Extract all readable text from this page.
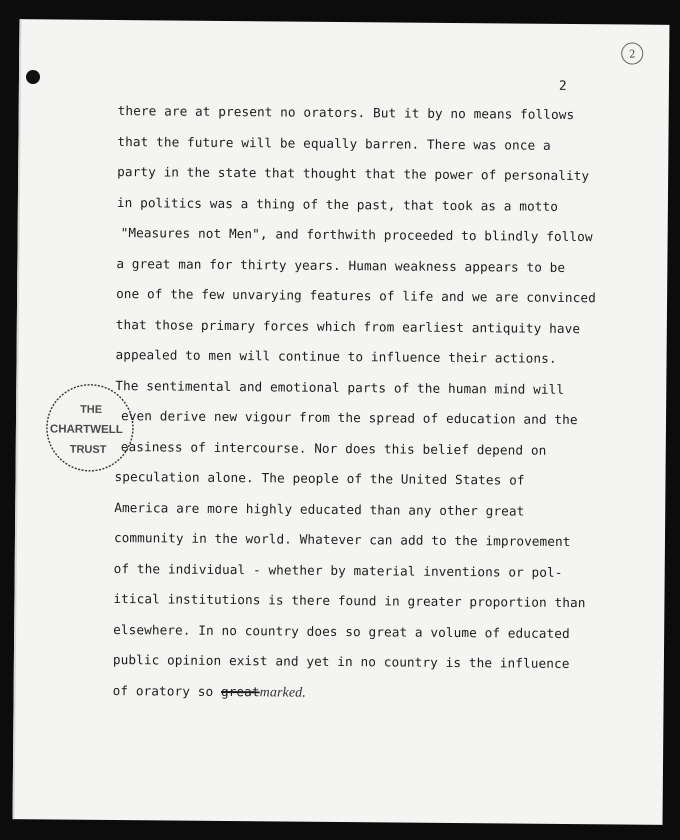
2
2
THE
CHARTWELL
TRUST
there are at present no orators. But it by no means follows
that the future will be equally barren. There was once a
party in the state that thought that the power of personality
in politics was a thing of the past, that took as a motto
"Measures not Men", and forthwith proceeded to blindly follow
a great man for thirty years. Human weakness appears to be
one of the few unvarying features of life and we are convinced
that those primary forces which from earliest antiquity have
appealed to men will continue to influence their actions.
The sentimental and emotional parts of the human mind will
even derive new vigour from the spread of education and the
easiness of intercourse. Nor does this belief depend on
speculation alone. The people of the United States of
America are more highly educated than any other great
community in the world. Whatever can add to the improvement
of the individual - whether by material inventions or pol-
itical institutions is there found in greater proportion than
elsewhere. In no country does so great a volume of educated
public opinion exist and yet in no country is the influence
of oratory so greatmarked.
